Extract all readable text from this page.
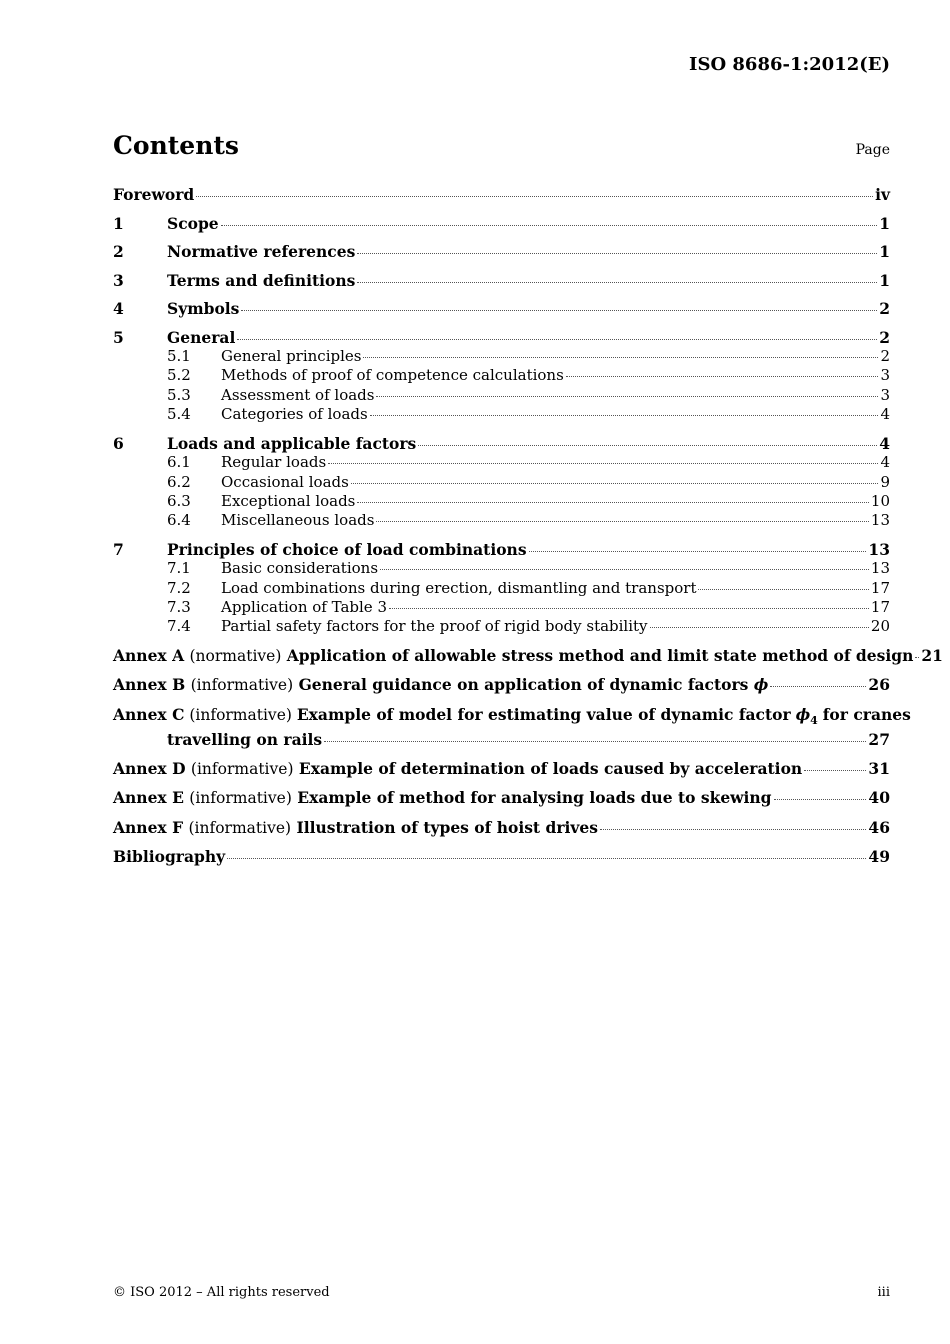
ISO 8686-1:2012(E)
Contents	Page
Foreword	iv
1	Scope	1
2	Normative references	1
3	Terms and definitions	1
4	Symbols	2
5	General	2
5.1	General principles	2
5.2	Methods of proof of competence calculations	3
5.3	Assessment of loads	3
5.4	Categories of loads	4
6	Loads and applicable factors	4
6.1	Regular loads	4
6.2	Occasional loads	9
6.3	Exceptional loads	10
6.4	Miscellaneous loads	13
7	Principles of choice of load combinations	13
7.1	Basic considerations	13
7.2	Load combinations during erection, dismantling and transport	17
7.3	Application of Table 3	17
7.4	Partial safety factors for the proof of rigid body stability	20
Annex A (normative) Application of allowable stress method and limit state method of design 21
Annex B (informative) General guidance on application of dynamic factors ϕ	26
Annex C (informative) Example of model for estimating value of dynamic factor $\phi_4$ for cranes
travelling on rails	27
Annex D (informative) Example of determination of loads caused by acceleration	31
Annex E (informative) Example of method for analysing loads due to skewing	40
Annex F (informative) Illustration of types of hoist drives	46
Bibliography	49
© ISO 2012 – All rights reserved	iii
